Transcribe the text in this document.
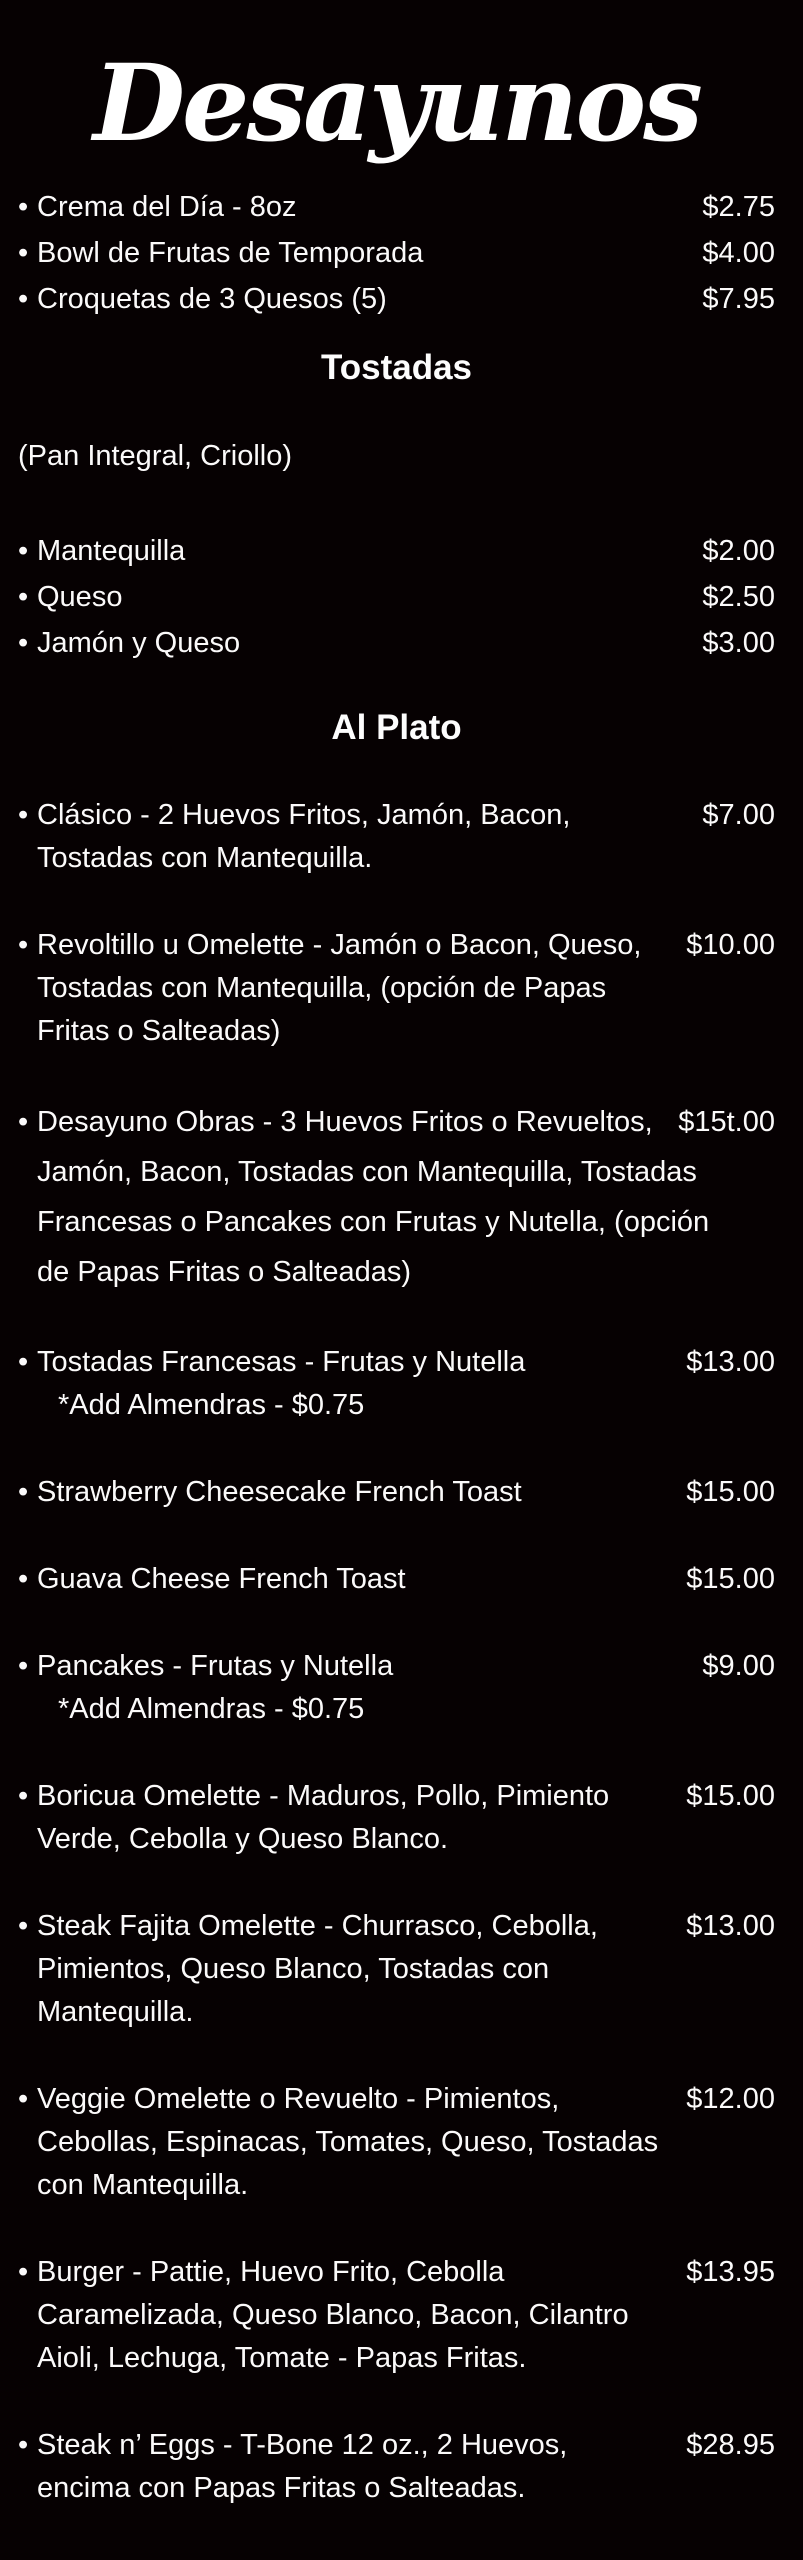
Desayunos
• Crema del Día - 8oz	$2.75
• Bowl de Frutas de Temporada	$4.00
• Croquetas de 3 Quesos (5)	$7.95
Tostadas

(Pan Integral, Criollo)

• Mantequilla	$2.00
• Queso	$2.50
• Jamón y Queso	$3.00
Al Plato
• Clásico - 2 Huevos Fritos, Jamón, Bacon,	$7.00
Tostadas con Mantequilla.
• Revoltillo u Omelette - Jamón o Bacon, Queso, $10.00
Tostadas con Mantequilla, (opción de Papas
Fritas o Salteadas)
• Desayuno Obras - 3 Huevos Fritos o Revueltos, $15t.00
Jamón, Bacon, Tostadas con Mantequilla, Tostadas
Francesas o Pancakes con Frutas y Nutella, (opción
de Papas Fritas o Salteadas)
• Tostadas Francesas - Frutas y Nutella	$13.00
*Add Almendras - $0.75
• Strawberry Cheesecake French Toast	$15.00
• Guava Cheese French Toast	$15.00
• Pancakes - Frutas y Nutella	$9.00
*Add Almendras - $0.75
• Boricua Omelette - Maduros, Pollo, Pimiento	$15.00
Verde, Cebolla y Queso Blanco.
• Steak Fajita Omelette - Churrasco, Cebolla,	$13.00
Pimientos, Queso Blanco, Tostadas con
Mantequilla.
• Veggie Omelette o Revuelto - Pimientos,	$12.00
Cebollas, Espinacas, Tomates, Queso, Tostadas
con Mantequilla.
• Burger - Pattie, Huevo Frito, Cebolla	$13.95
Caramelizada, Queso Blanco, Bacon, Cilantro
Aioli, Lechuga, Tomate - Papas Fritas.
• Steak n’ Eggs - T-Bone 12 oz., 2 Huevos,	$28.95
encima con Papas Fritas o Salteadas.
